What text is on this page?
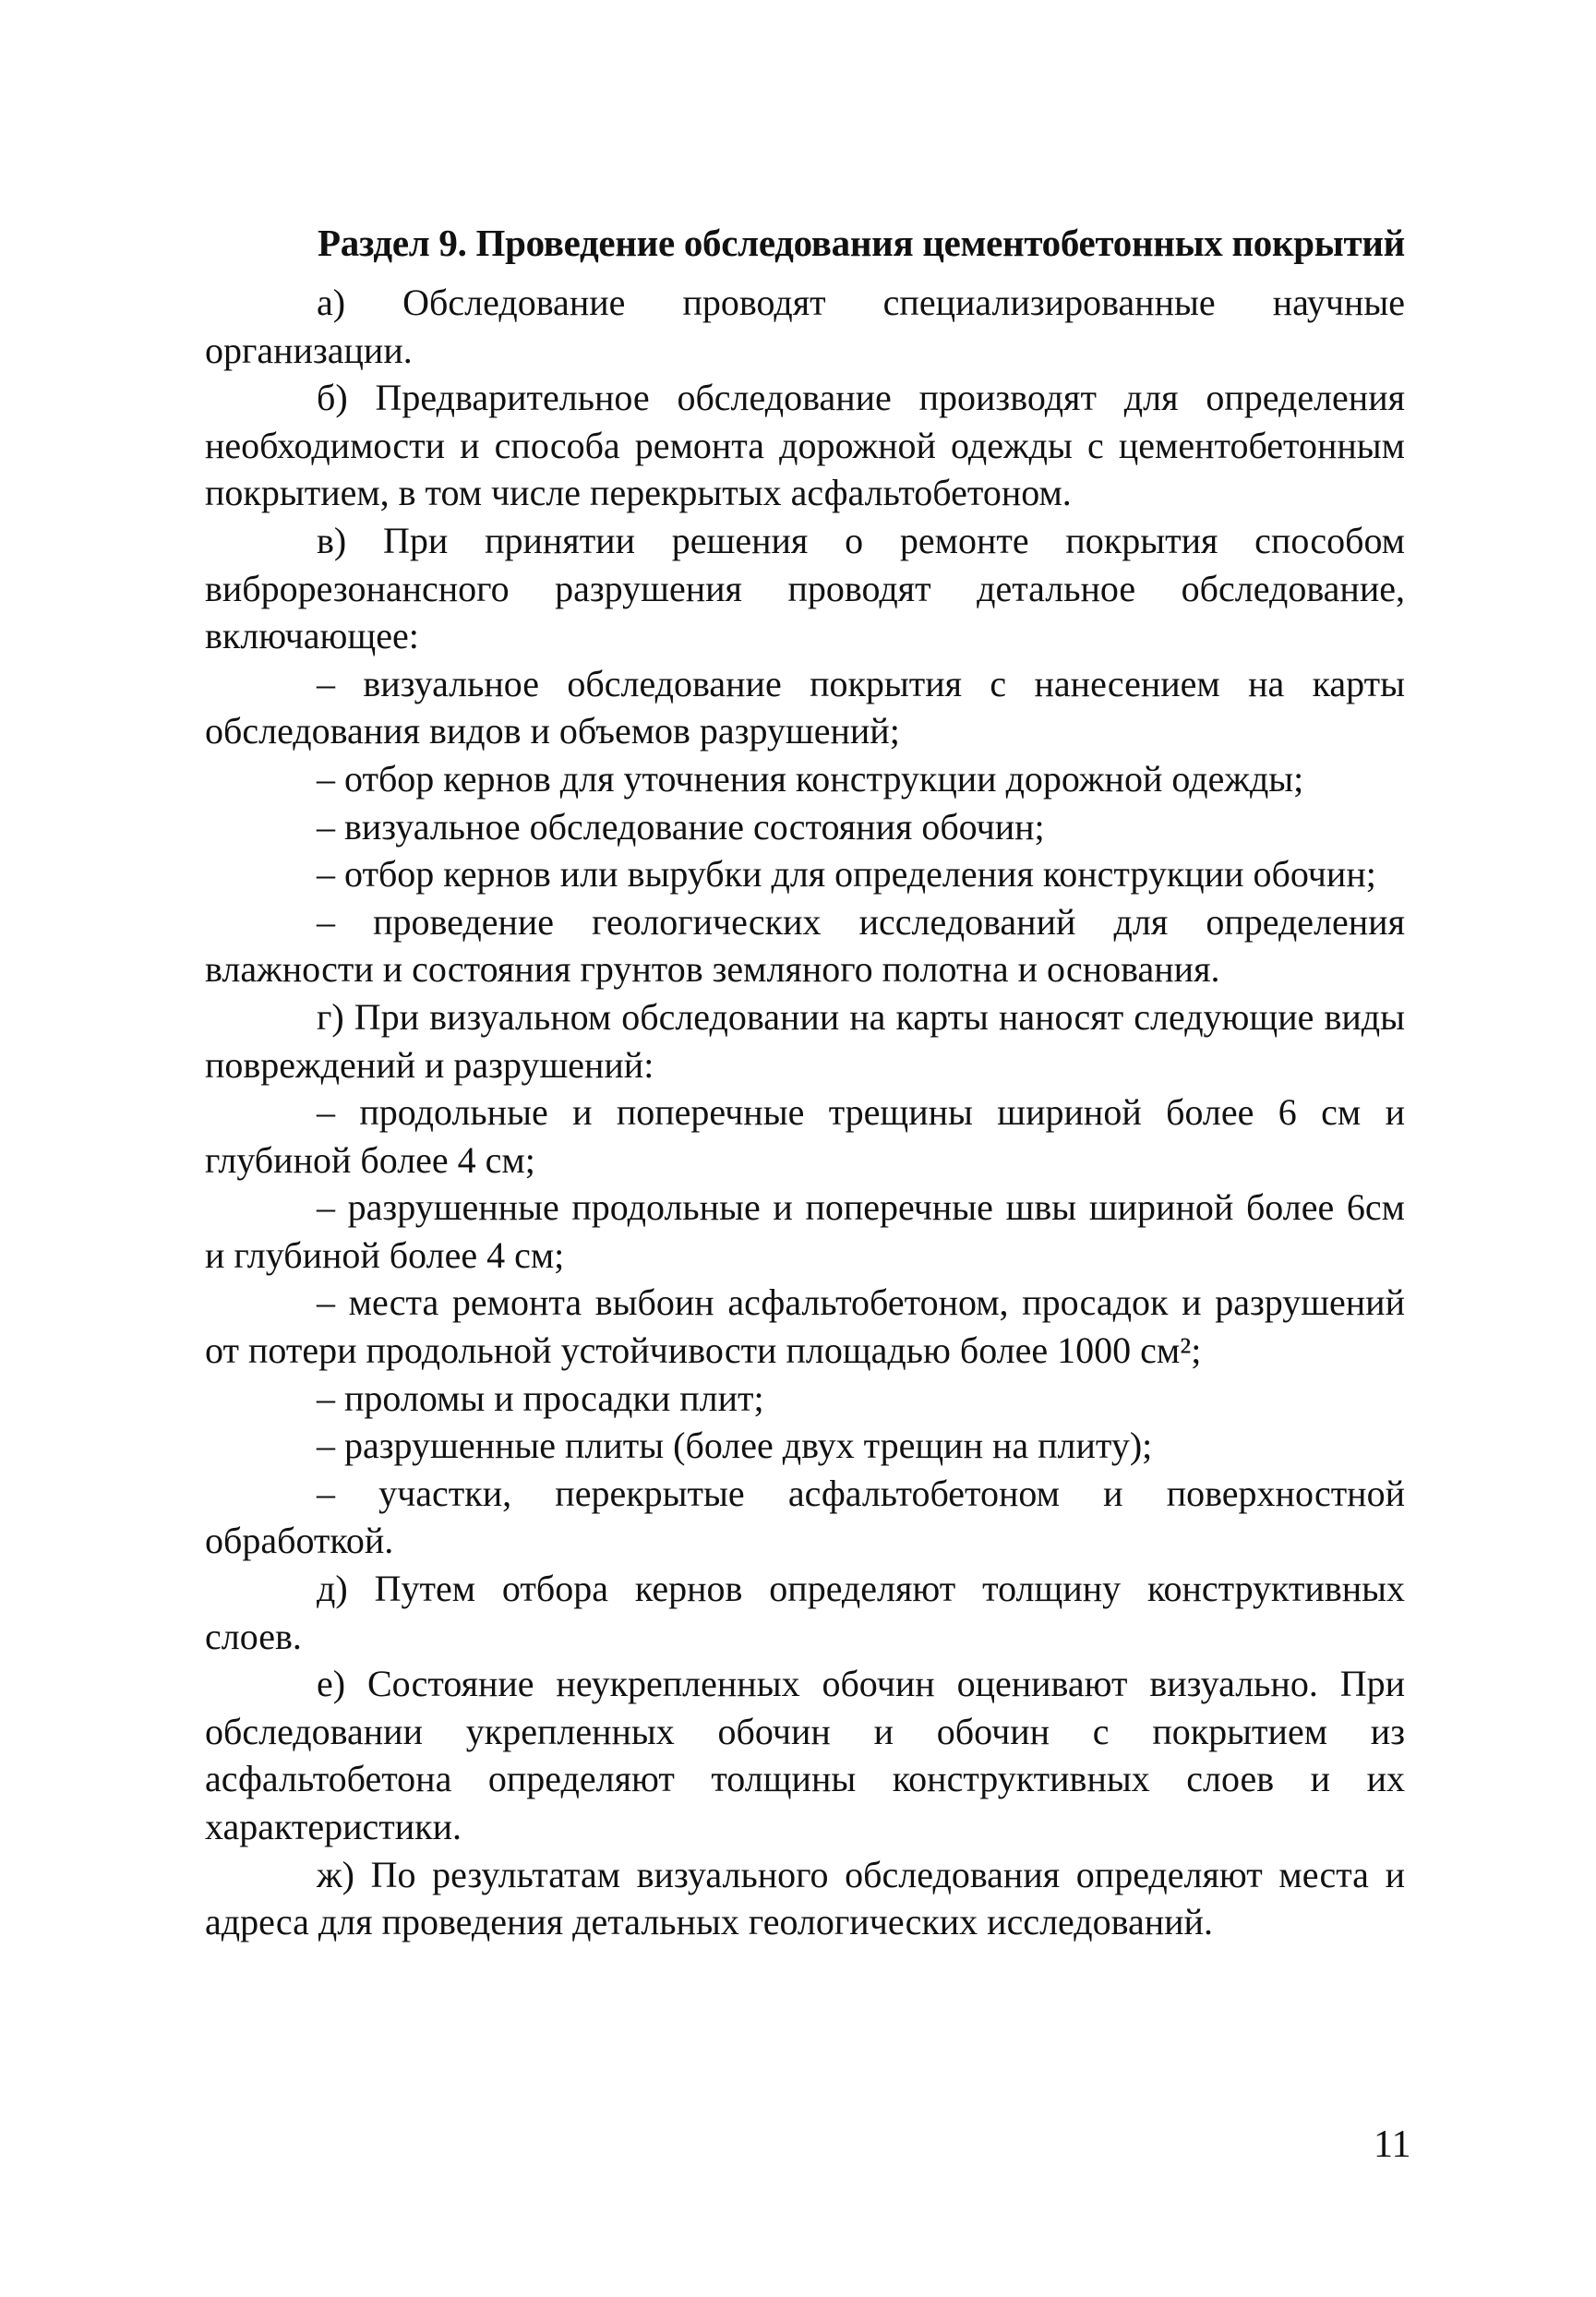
Раздел 9. Проведение обследования цементобетонных покрытий

а) Обследование проводят специализированные научные организации.

б) Предварительное обследование производят для определения необходимости и способа ремонта дорожной одежды с цементобетонным покрытием, в том числе перекрытых асфальтобетоном.

в) При принятии решения о ремонте покрытия способом виброрезонансного разрушения проводят детальное обследование, включающее:

– визуальное обследование покрытия с нанесением на карты обследования видов и объемов разрушений;

– отбор кернов для уточнения конструкции дорожной одежды;

– визуальное обследование состояния обочин;

– отбор кернов или вырубки для определения конструкции обочин;

– проведение геологических исследований для определения влажности и состояния грунтов земляного полотна и основания.

г) При визуальном обследовании на карты наносят следующие виды повреждений и разрушений:

– продольные и поперечные трещины шириной более 6 см и глубиной более 4 см;

– разрушенные продольные и поперечные швы шириной более 6см и глубиной более 4 см;

– места ремонта выбоин асфальтобетоном, просадок и разрушений от потери продольной устойчивости площадью более 1000 см²;

– проломы и просадки плит;

– разрушенные плиты (более двух трещин на плиту);

– участки, перекрытые асфальтобетоном и поверхностной обработкой.

д) Путем отбора кернов определяют толщину конструктивных слоев.

е) Состояние неукрепленных обочин оценивают визуально. При обследовании укрепленных обочин и обочин с покрытием из асфальтобетона определяют толщины конструктивных слоев и их характеристики.

ж) По результатам визуального обследования определяют места и адреса для проведения детальных геологических исследований.

11
